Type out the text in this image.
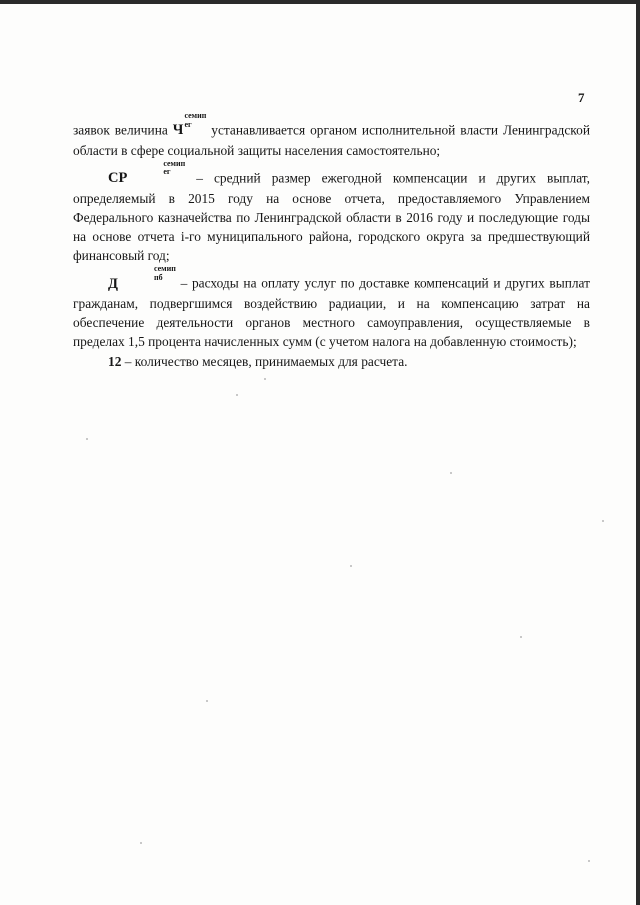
7

заявок величина Ч
семип
ег	устанавливается органом исполнительной власти Ленинградской области в сфере социальной защиты населения самостоятельно;

СР
семип
ег	– средний размер ежегодной компенсации и других выплат, определяемый в 2015 году на основе отчета, предоставляемого Управлением Федерального казначейства по Ленинградской области в 2016 году и последующие годы на основе отчета i-го муниципального района, городского округа за предшествующий финансовый год;

Д
семип
пб	– расходы на оплату услуг по доставке компенсаций и других выплат гражданам, подвергшимся воздействию радиации, и на компенсацию затрат на обеспечение деятельности органов местного самоуправления, осуществляемые в пределах 1,5 процента начисленных сумм (с учетом налога на добавленную стоимость);

12 – количество месяцев, принимаемых для расчета.
